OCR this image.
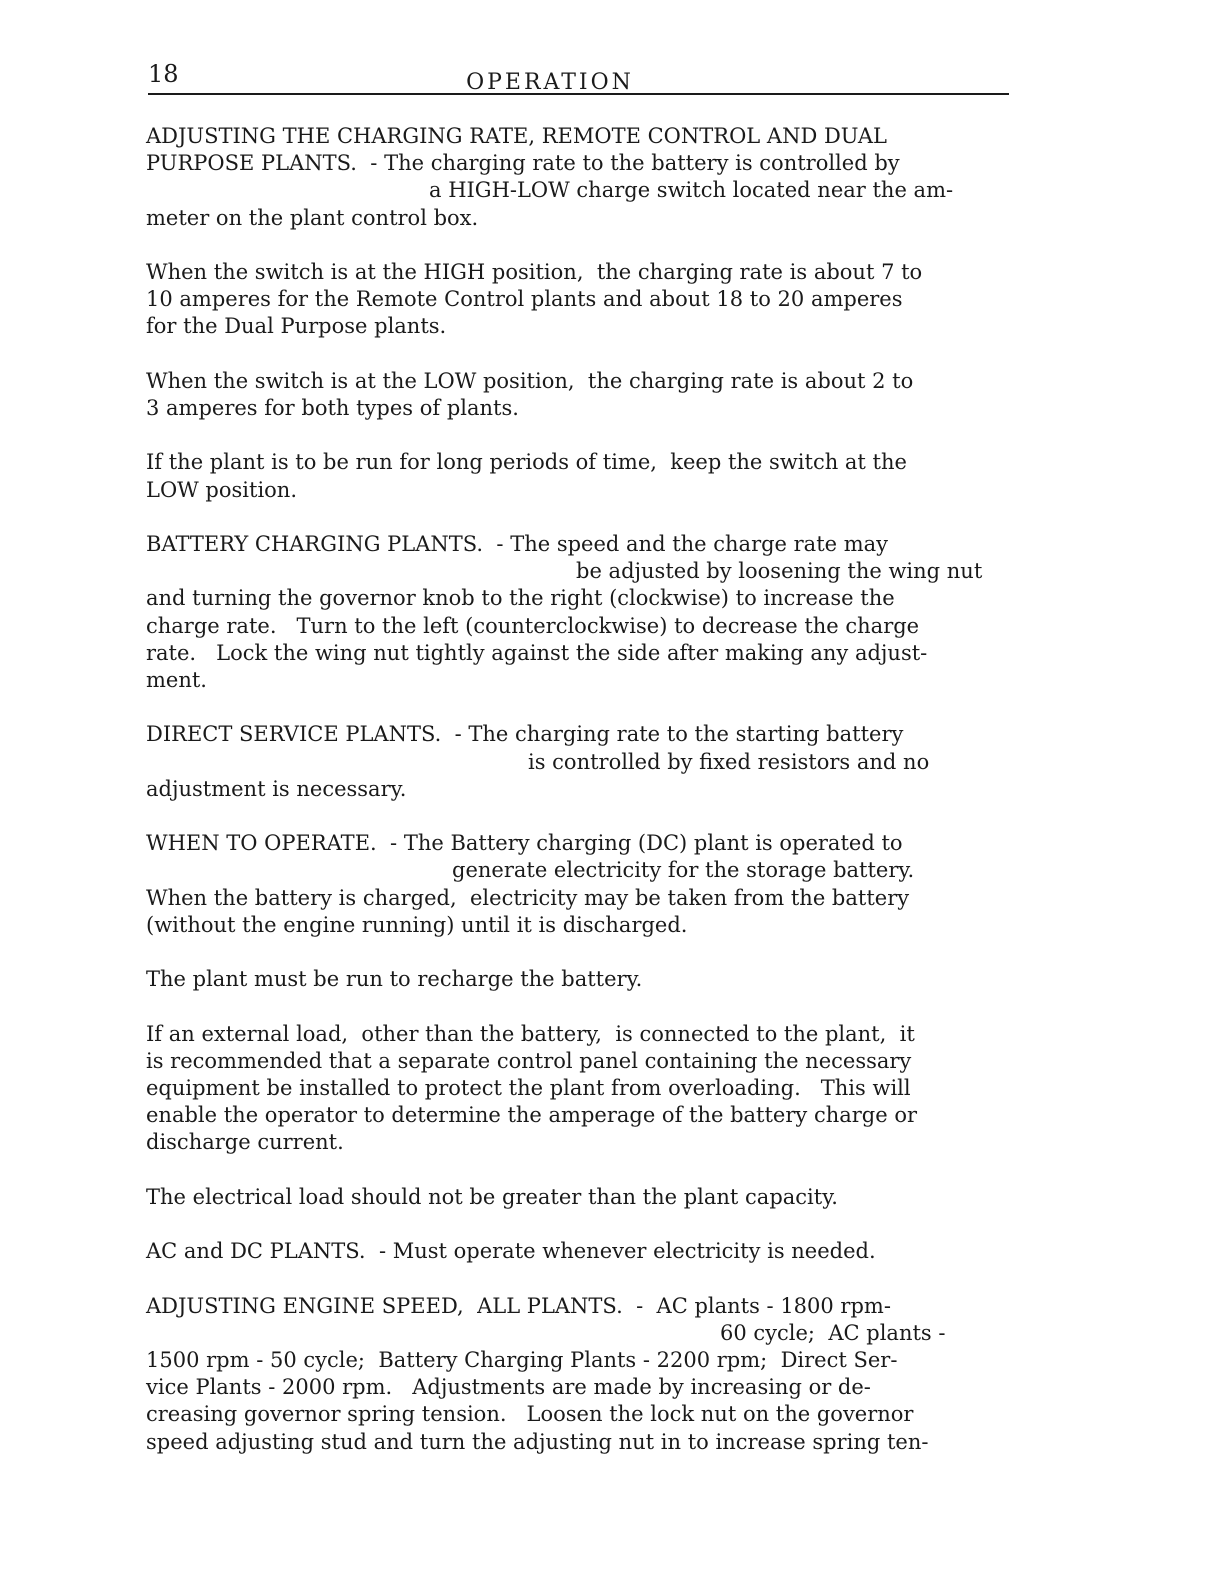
18	OPERATION
ADJUSTING THE CHARGING RATE, REMOTE CONTROL AND DUAL
PURPOSE PLANTS.  - The charging rate to the battery is controlled by
a HIGH-LOW charge switch located near the am-
meter on the plant control box.
When the switch is at the HIGH position,  the charging rate is about 7 to
10 amperes for the Remote Control plants and about 18 to 20 amperes
for the Dual Purpose plants.
When the switch is at the LOW position,  the charging rate is about 2 to
3 amperes for both types of plants.
If the plant is to be run for long periods of time,  keep the switch at the
LOW position.
BATTERY CHARGING PLANTS.  - The speed and the charge rate may
be adjusted by loosening the wing nut
and turning the governor knob to the right (clockwise) to increase the
charge rate.   Turn to the left (counterclockwise) to decrease the charge
rate.   Lock the wing nut tightly against the side after making any adjust-
ment.
DIRECT SERVICE PLANTS.  - The charging rate to the starting battery
is controlled by fixed resistors and no
adjustment is necessary.
WHEN TO OPERATE.  - The Battery charging (DC) plant is operated to
generate electricity for the storage battery.
When the battery is charged,  electricity may be taken from the battery
(without the engine running) until it is discharged.
The plant must be run to recharge the battery.
If an external load,  other than the battery,  is connected to the plant,  it
is recommended that a separate control panel containing the necessary
equipment be installed to protect the plant from overloading.   This will
enable the operator to determine the amperage of the battery charge or
discharge current.
The electrical load should not be greater than the plant capacity.
AC and DC PLANTS.  - Must operate whenever electricity is needed.
ADJUSTING ENGINE SPEED,  ALL PLANTS.  -  AC plants - 1800 rpm-
60 cycle;  AC plants -
1500 rpm - 50 cycle;  Battery Charging Plants - 2200 rpm;  Direct Ser-
vice Plants - 2000 rpm.   Adjustments are made by increasing or de-
creasing governor spring tension.   Loosen the lock nut on the governor
speed adjusting stud and turn the adjusting nut in to increase spring ten-
